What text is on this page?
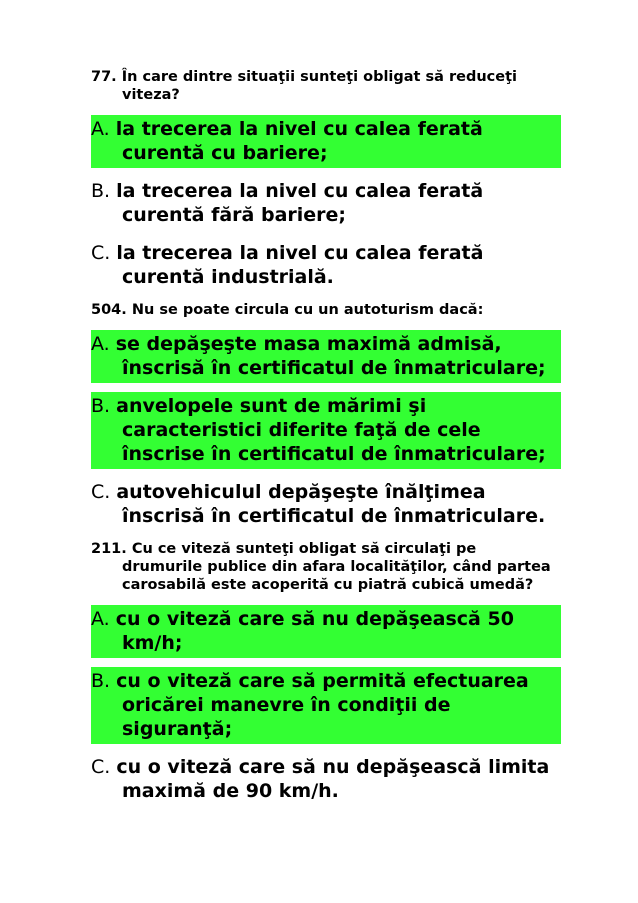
77. În care dintre situaţii sunteţi obligat să reduceţi viteza?
A. la trecerea la nivel cu calea ferată curentă cu bariere;
B. la trecerea la nivel cu calea ferată curentă fără bariere;
C. la trecerea la nivel cu calea ferată curentă industrială.
504. Nu se poate circula cu un autoturism dacă:
A. se depăşeşte masa maximă admisă, înscrisă în certificatul de înmatriculare;
B. anvelopele sunt de mărimi şi caracteristici diferite faţă de cele înscrise în certificatul de înmatriculare;
C. autovehiculul depăşeşte înălţimea înscrisă în certificatul de înmatriculare.
211. Cu ce viteză sunteţi obligat să circulaţi pe drumurile publice din afara localităţilor, când partea carosabilă este acoperită cu piatră cubică umedă?
A. cu o viteză care să nu depăşească 50 km/h;
B. cu o viteză care să permită efectuarea oricărei manevre în condiţii de siguranţă;
C. cu o viteză care să nu depăşească limita maximă de 90 km/h.
